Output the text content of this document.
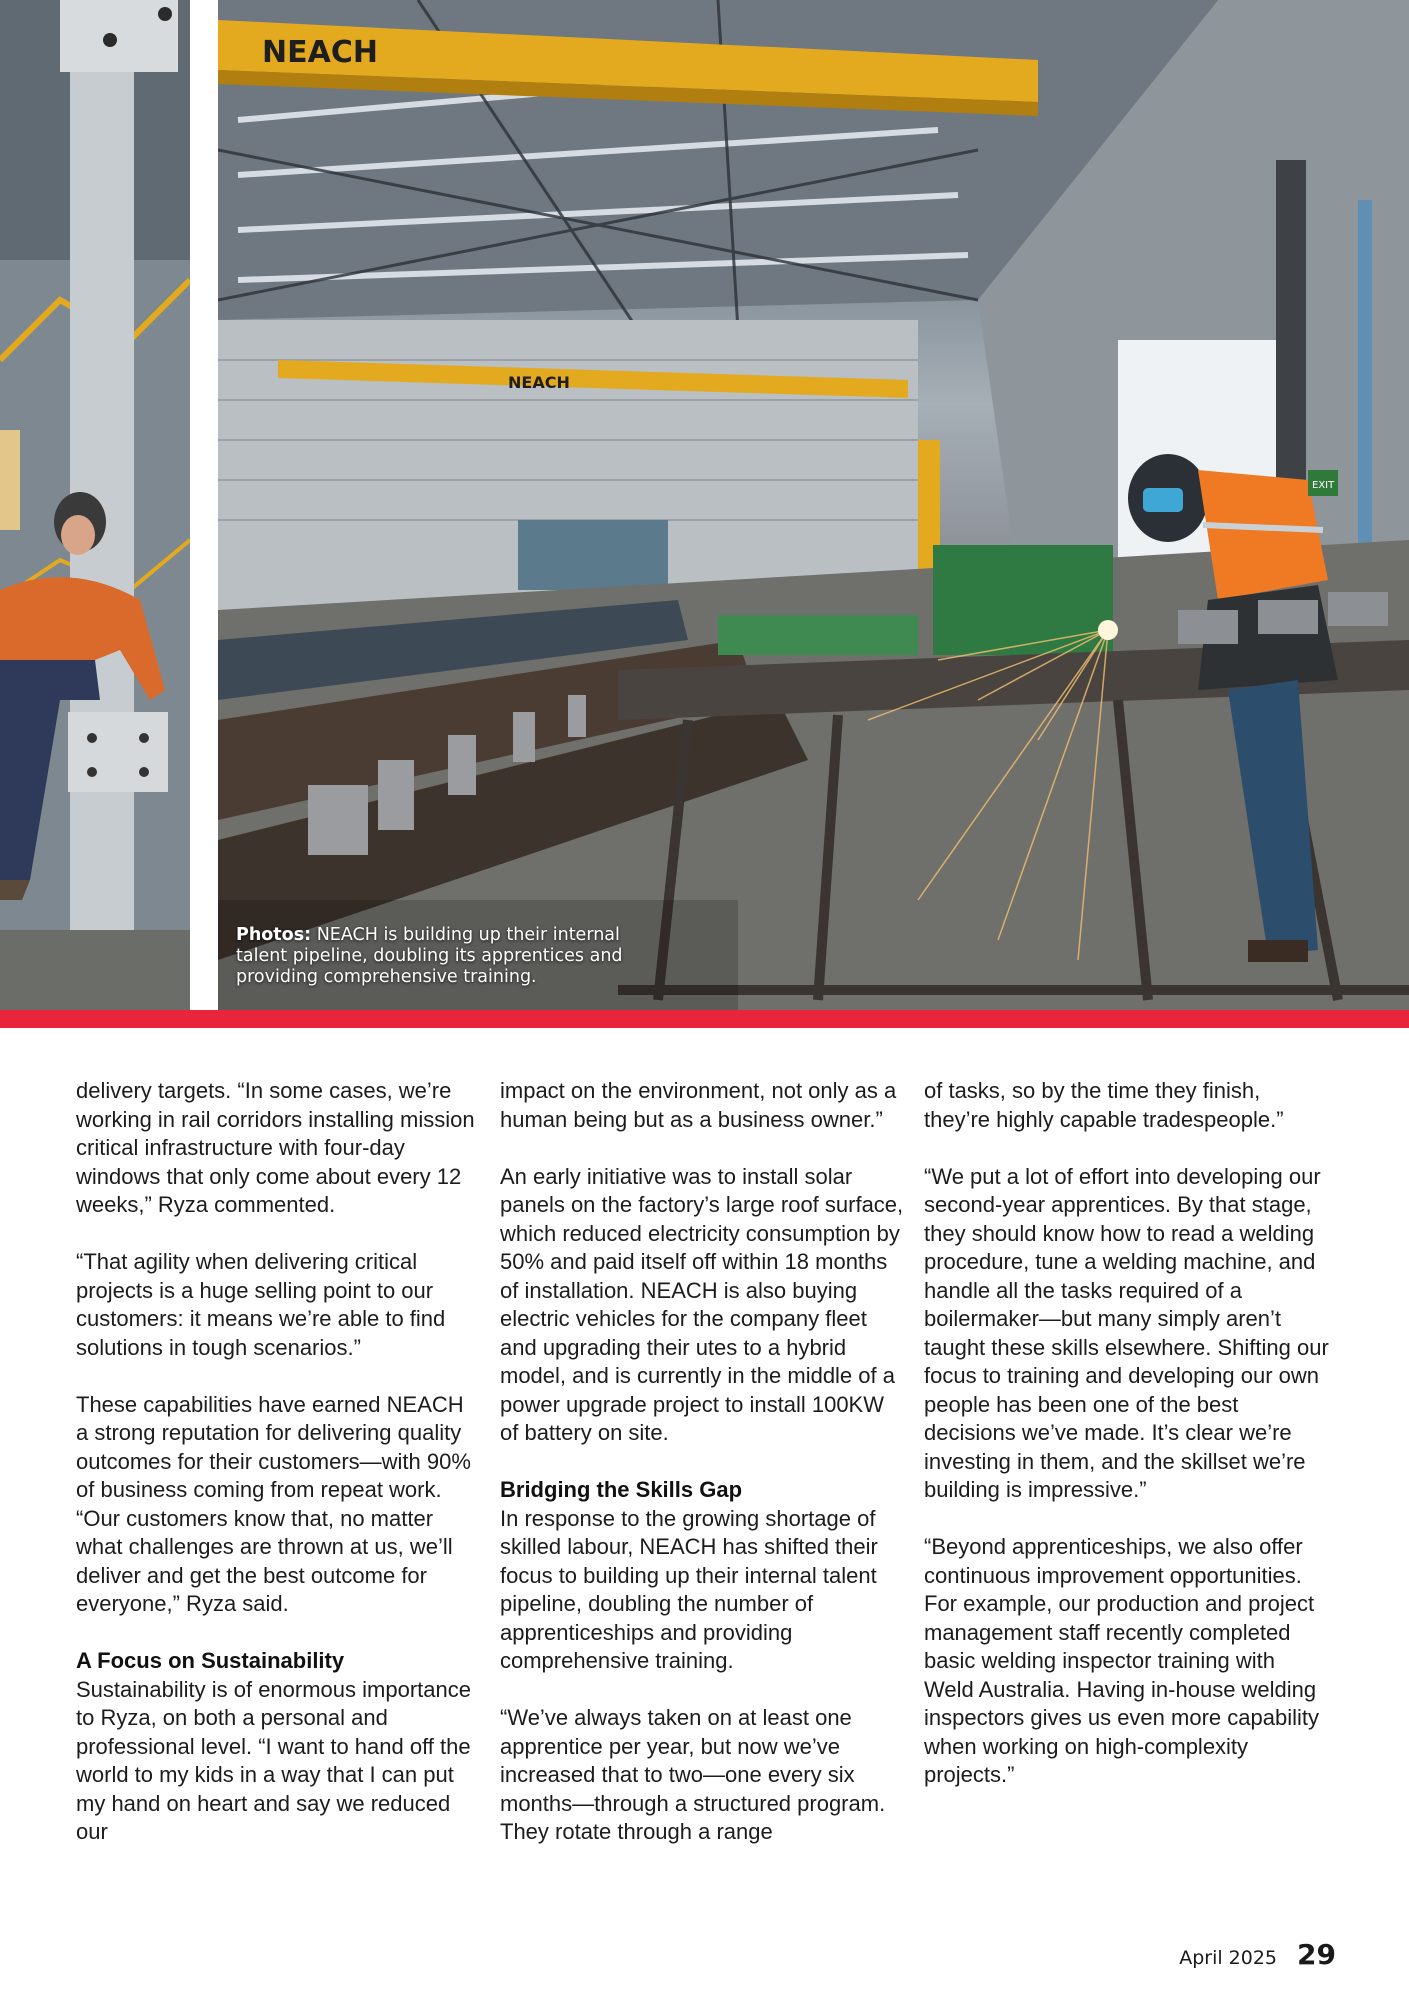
NEACH
NEACH
EXIT
Photos: NEACH is building up their internal talent pipeline, doubling its apprentices and providing comprehensive training.

delivery targets. “In some cases, we’re working in rail corridors installing mission critical infrastructure with four-day windows that only come about every 12 weeks,” Ryza commented.

“That agility when delivering critical projects is a huge selling point to our customers: it means we’re able to find solutions in tough scenarios.”

These capabilities have earned NEACH a strong reputation for delivering quality outcomes for their customers—with 90% of business coming from repeat work. “Our customers know that, no matter what challenges are thrown at us, we’ll deliver and get the best outcome for everyone,” Ryza said.

A Focus on Sustainability

Sustainability is of enormous importance to Ryza, on both a personal and professional level. “I want to hand off the world to my kids in a way that I can put my hand on heart and say we reduced our

impact on the environment, not only as a human being but as a business owner.”

An early initiative was to install solar panels on the factory’s large roof surface, which reduced electricity consumption by 50% and paid itself off within 18 months of installation. NEACH is also buying electric vehicles for the company fleet and upgrading their utes to a hybrid model, and is currently in the middle of a power upgrade project to install 100KW of battery on site.

Bridging the Skills Gap

In response to the growing shortage of skilled labour, NEACH has shifted their focus to building up their internal talent pipeline, doubling the number of apprenticeships and providing comprehensive training.

“We’ve always taken on at least one apprentice per year, but now we’ve increased that to two—one every six months—through a structured program. They rotate through a range

of tasks, so by the time they finish, they’re highly capable tradespeople.”

“We put a lot of effort into developing our second-year apprentices. By that stage, they should know how to read a welding procedure, tune a welding machine, and handle all the tasks required of a boilermaker—but many simply aren’t taught these skills elsewhere. Shifting our focus to training and developing our own people has been one of the best decisions we’ve made. It’s clear we’re investing in them, and the skillset we’re building is impressive.”

“Beyond apprenticeships, we also offer continuous improvement opportunities. For example, our production and project management staff recently completed basic welding inspector training with Weld Australia. Having in-house welding inspectors gives us even more capability when working on high-complexity projects.”

April 2025 29
